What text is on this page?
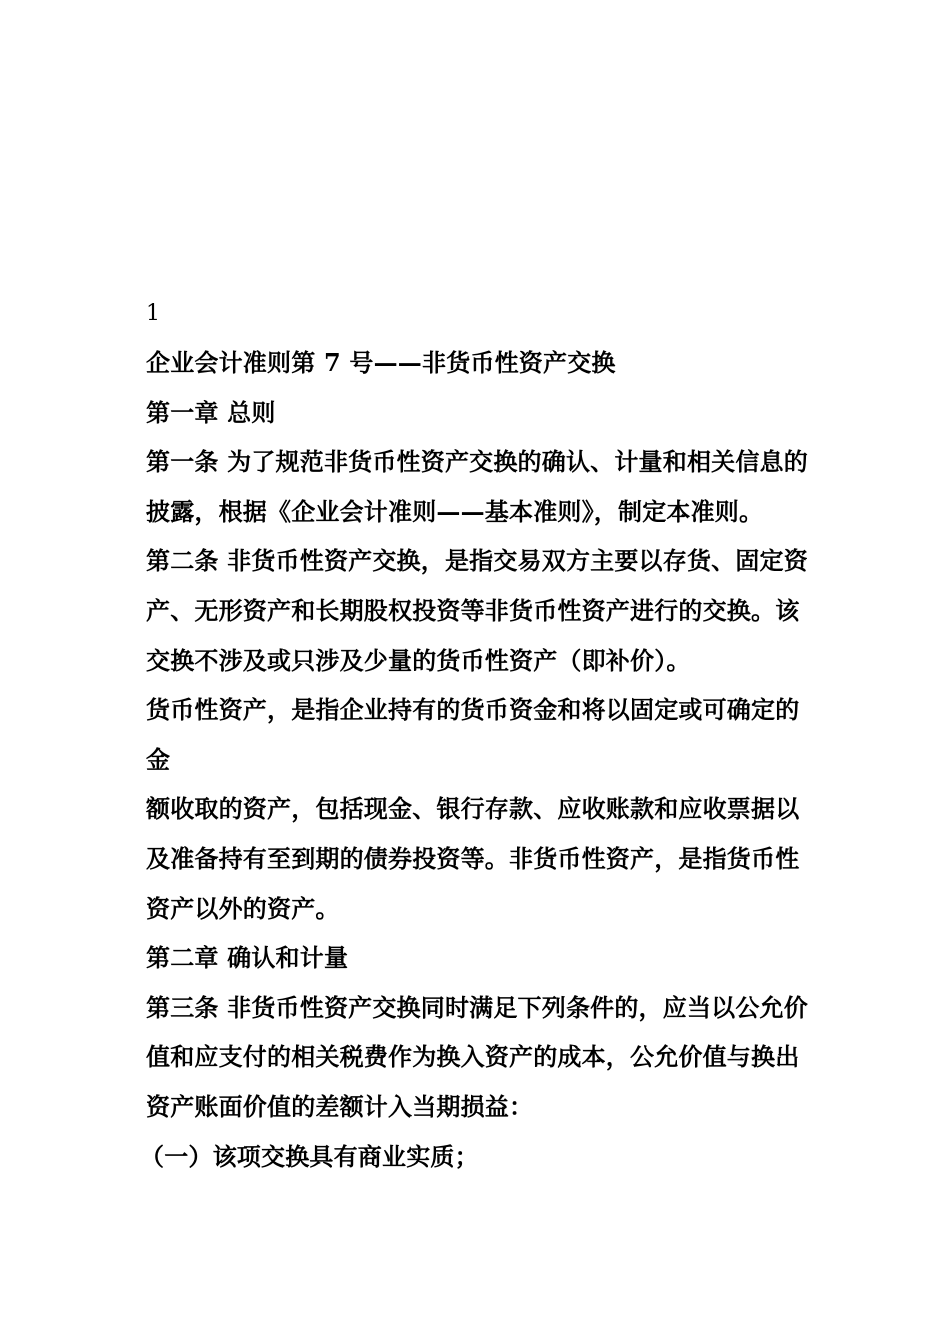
1
企业会计准则第 7 号——非货币性资产交换
第一章 总则
第一条 为了规范非货币性资产交换的确认、计量和相关信息的
披露，根据《企业会计准则——基本准则》，制定本准则。
第二条 非货币性资产交换，是指交易双方主要以存货、固定资
产、无形资产和长期股权投资等非货币性资产进行的交换。该
交换不涉及或只涉及少量的货币性资产（即补价）。
货币性资产，是指企业持有的货币资金和将以固定或可确定的
金
额收取的资产，包括现金、银行存款、应收账款和应收票据以
及准备持有至到期的债券投资等。非货币性资产，是指货币性
资产以外的资产。
第二章 确认和计量
第三条 非货币性资产交换同时满足下列条件的，应当以公允价
值和应支付的相关税费作为换入资产的成本，公允价值与换出
资产账面价值的差额计入当期损益：
（一）该项交换具有商业实质；
